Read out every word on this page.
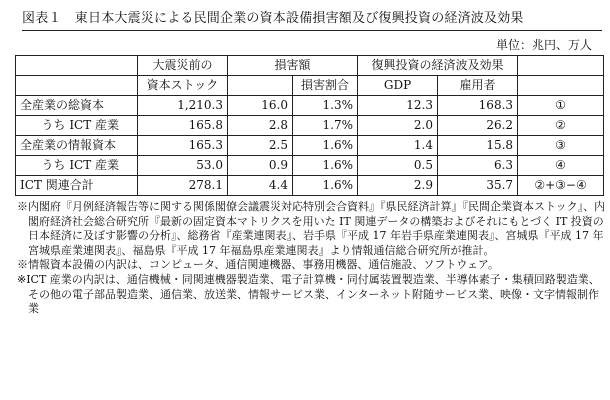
図表１　東日本大震災による民間企業の資本設備損害額及び復興投資の経済波及効果
単位：兆円、万人
		大震災前の	損害額		復興投資の経済波及効果		
		資本ストック		損害割合	GDP	雇用者	
全産業の総資本		1,210.3	16.0	1.3%	12.3	168.3	①
	うち ICT 産業	165.8	2.8	1.7%	2.0	26.2	②
全産業の情報資本		165.3	2.5	1.6%	1.4	15.8	③
	うち ICT 産業	53.0	0.9	1.6%	0.5	6.3	④
ICT 関連合計		278.1	4.4	1.6%	2.9	35.7	②+③−④

※内閣府『月例経済報告等に関する関係閣僚会議震災対応特別会合資料』『県民経済計算』『民間企業資本ストック』、内閣府経済社会総合研究所『最新の固定資本マトリクスを用いた IT 関連データの構築およびそれにもとづく IT 投資の日本経済に及ぼす影響の分析』、総務省『産業連関表』、岩手県『平成 17 年岩手県産業連関表』、宮城県『平成 17 年宮城県産業連関表』、福島県『平成 17 年福島県産業連関表』より情報通信総合研究所が推計。

※情報資本設備の内訳は、コンピュータ、通信関連機器、事務用機器、通信施設、ソフトウェア。

※ICT 産業の内訳は、通信機械・同関連機器製造業、電子計算機・同付属装置製造業、半導体素子・集積回路製造業、その他の電子部品製造業、通信業、放送業、情報サービス業、インターネット附随サービス業、映像・文字情報制作業
